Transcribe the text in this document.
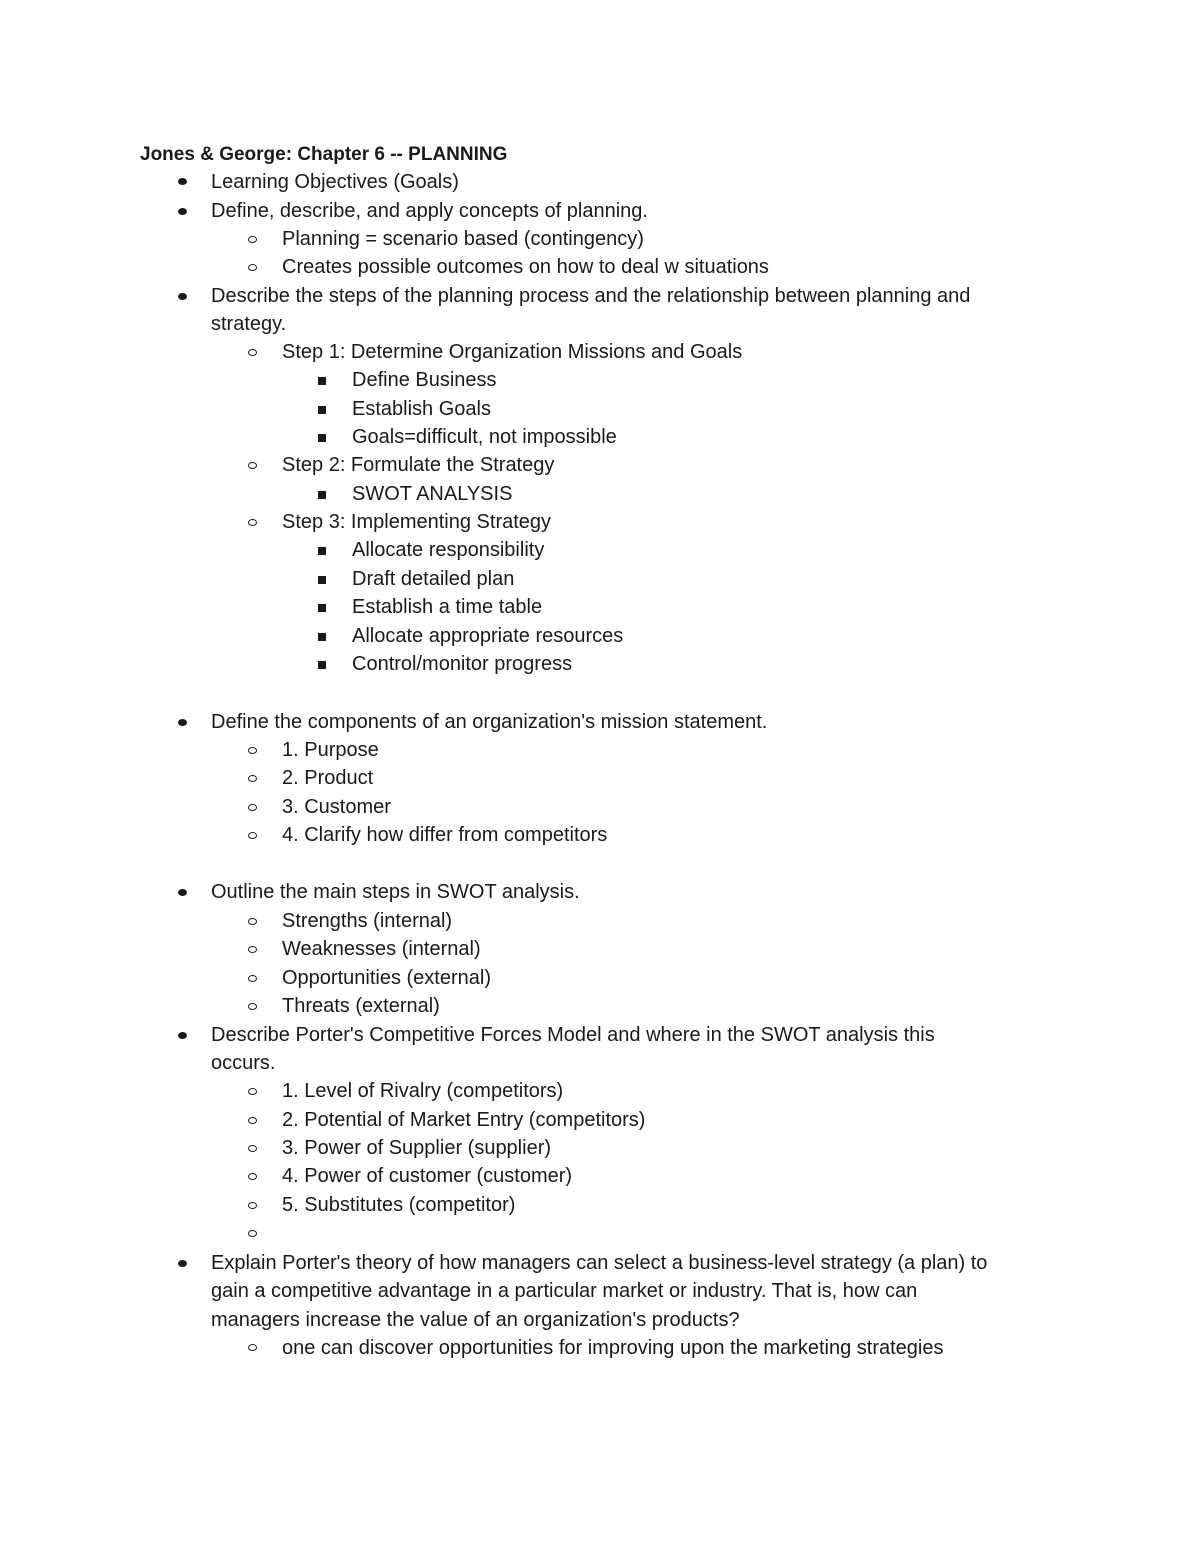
Jones & George: Chapter 6 -- PLANNING
Learning Objectives (Goals)
Define, describe, and apply concepts of planning.
Planning = scenario based (contingency)
Creates possible outcomes on how to deal w situations
Describe the steps of the planning process and the relationship between planning and
strategy.
Step 1: Determine Organization Missions and Goals
Define Business
Establish Goals
Goals=difficult, not impossible
Step 2: Formulate the Strategy
SWOT ANALYSIS
Step 3: Implementing Strategy
Allocate responsibility
Draft detailed plan
Establish a time table
Allocate appropriate resources
Control/monitor progress
Define the components of an organization's mission statement.
1. Purpose
2. Product
3. Customer
4. Clarify how differ from competitors
Outline the main steps in SWOT analysis.
Strengths (internal)
Weaknesses (internal)
Opportunities (external)
Threats (external)
Describe Porter's Competitive Forces Model and where in the SWOT analysis this
occurs.
1. Level of Rivalry (competitors)
2. Potential of Market Entry (competitors)
3. Power of Supplier (supplier)
4. Power of customer (customer)
5. Substitutes (competitor)
Explain Porter's theory of how managers can select a business-level strategy (a plan) to
gain a competitive advantage in a particular market or industry. That is, how can
managers increase the value of an organization's products?
one can discover opportunities for improving upon the marketing strategies
